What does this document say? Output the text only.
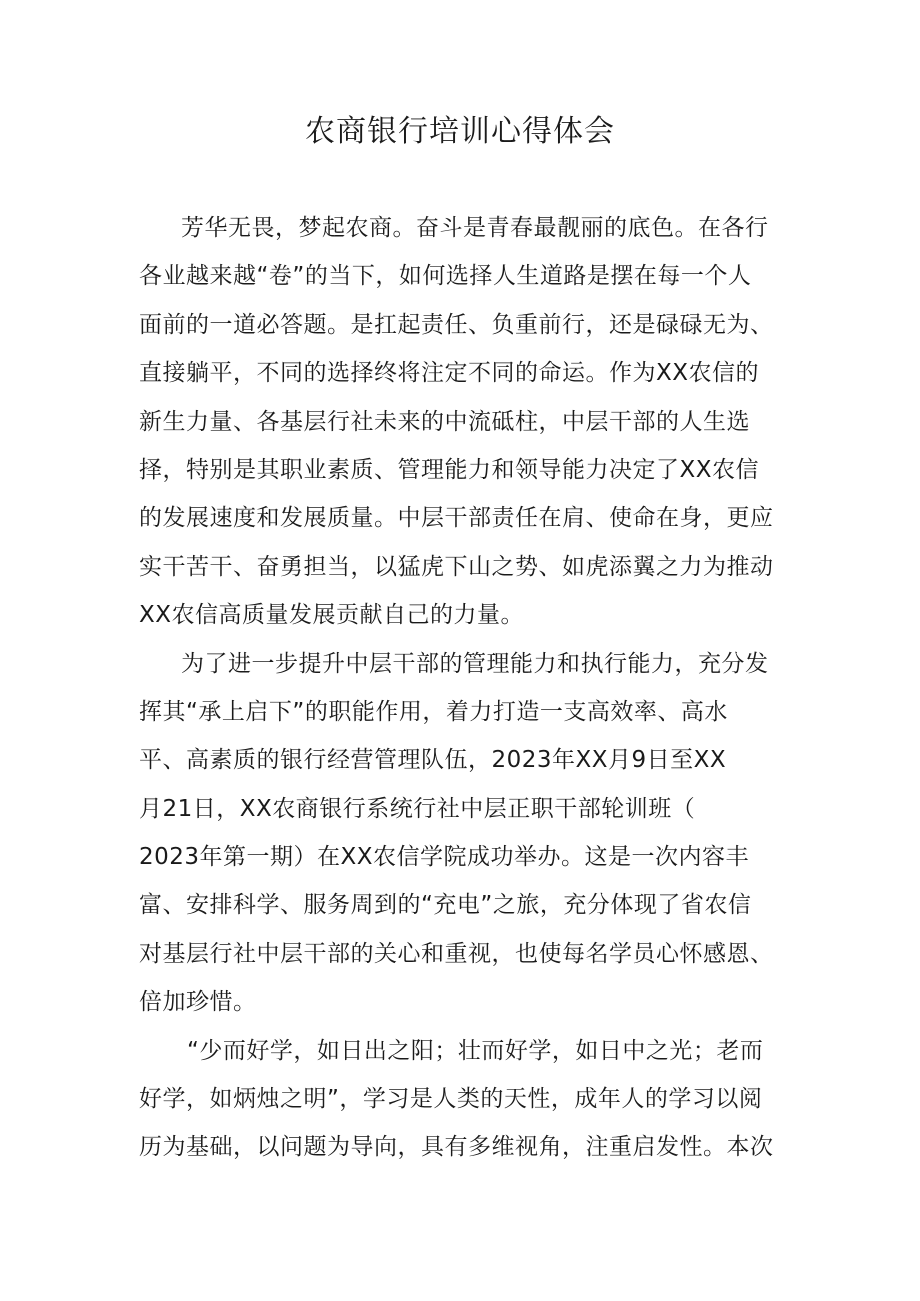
农商银行培训心得体会
芳华无畏，梦起农商。奋斗是青春最靓丽的底色。在各行
各业越来越“卷”的当下，如何选择人生道路是摆在每一个人
面前的一道必答题。是扛起责任、负重前行，还是碌碌无为、
直接躺平，不同的选择终将注定不同的命运。作为XX农信的
新生力量、各基层行社未来的中流砥柱，中层干部的人生选
择，特别是其职业素质、管理能力和领导能力决定了XX农信
的发展速度和发展质量。中层干部责任在肩、使命在身，更应
实干苦干、奋勇担当，以猛虎下山之势、如虎添翼之力为推动
XX农信高质量发展贡献自己的力量。
为了进一步提升中层干部的管理能力和执行能力，充分发
挥其“承上启下”的职能作用，着力打造一支高效率、高水
平、高素质的银行经营管理队伍，2023年XX月9日至XX
月21日，XX农商银行系统行社中层正职干部轮训班（
2023年第一期）在XX农信学院成功举办。这是一次内容丰
富、安排科学、服务周到的“充电”之旅，充分体现了省农信
对基层行社中层干部的关心和重视，也使每名学员心怀感恩、
倍加珍惜。
“少而好学，如日出之阳；壮而好学，如日中之光；老而
好学，如炳烛之明”，学习是人类的天性，成年人的学习以阅
历为基础，以问题为导向，具有多维视角，注重启发性。本次
